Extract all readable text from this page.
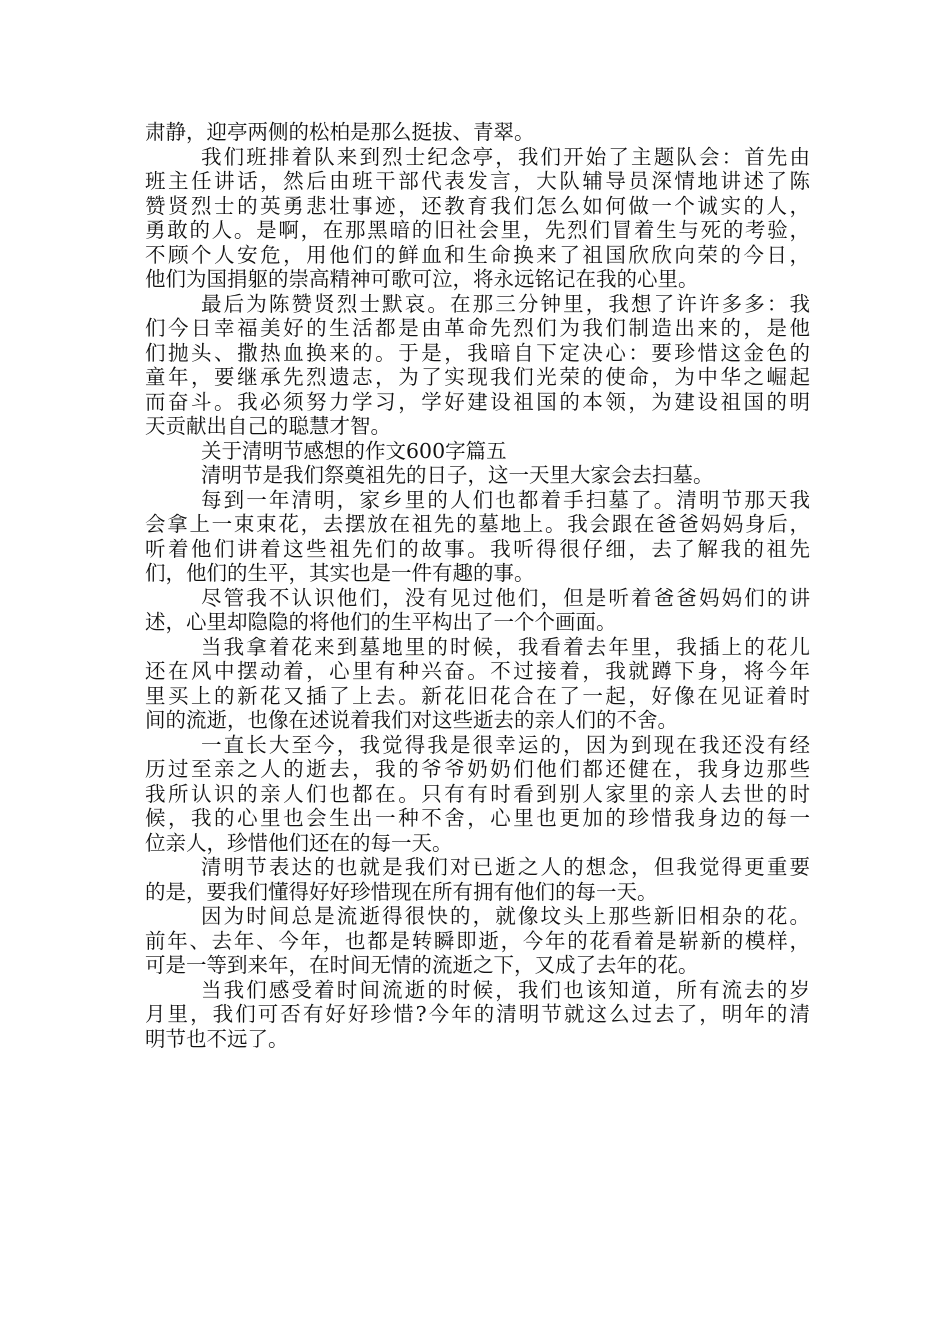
肃静，迎亭两侧的松柏是那么挺拔、青翠。
我们班排着队来到烈士纪念亭，我们开始了主题队会：首先由
班主任讲话，然后由班干部代表发言，大队辅导员深情地讲述了陈
赞贤烈士的英勇悲壮事迹，还教育我们怎么如何做一个诚实的人，
勇敢的人。是啊，在那黑暗的旧社会里，先烈们冒着生与死的考验，
不顾个人安危，用他们的鲜血和生命换来了祖国欣欣向荣的今日，
他们为国捐躯的崇高精神可歌可泣，将永远铭记在我的心里。
最后为陈赞贤烈士默哀。在那三分钟里，我想了许许多多：我
们今日幸福美好的生活都是由革命先烈们为我们制造出来的，是他
们抛头、撒热血换来的。于是，我暗自下定决心：要珍惜这金色的
童年，要继承先烈遗志，为了实现我们光荣的使命，为中华之崛起
而奋斗。我必须努力学习，学好建设祖国的本领，为建设祖国的明
天贡献出自己的聪慧才智。
关于清明节感想的作文600字篇五
清明节是我们祭奠祖先的日子，这一天里大家会去扫墓。
每到一年清明，家乡里的人们也都着手扫墓了。清明节那天我
会拿上一束束花，去摆放在祖先的墓地上。我会跟在爸爸妈妈身后，
听着他们讲着这些祖先们的故事。我听得很仔细，去了解我的祖先
们，他们的生平，其实也是一件有趣的事。
尽管我不认识他们，没有见过他们，但是听着爸爸妈妈们的讲
述，心里却隐隐的将他们的生平构出了一个个画面。
当我拿着花来到墓地里的时候，我看着去年里，我插上的花儿
还在风中摆动着，心里有种兴奋。不过接着，我就蹲下身，将今年
里买上的新花又插了上去。新花旧花合在了一起，好像在见证着时
间的流逝，也像在述说着我们对这些逝去的亲人们的不舍。
一直长大至今，我觉得我是很幸运的，因为到现在我还没有经
历过至亲之人的逝去，我的爷爷奶奶们他们都还健在，我身边那些
我所认识的亲人们也都在。只有有时看到别人家里的亲人去世的时
候，我的心里也会生出一种不舍，心里也更加的珍惜我身边的每一
位亲人，珍惜他们还在的每一天。
清明节表达的也就是我们对已逝之人的想念，但我觉得更重要
的是，要我们懂得好好珍惜现在所有拥有他们的每一天。
因为时间总是流逝得很快的，就像坟头上那些新旧相杂的花。
前年、去年、今年，也都是转瞬即逝，今年的花看着是崭新的模样，
可是一等到来年，在时间无情的流逝之下，又成了去年的花。
当我们感受着时间流逝的时候，我们也该知道，所有流去的岁
月里，我们可否有好好珍惜?今年的清明节就这么过去了，明年的清
明节也不远了。
